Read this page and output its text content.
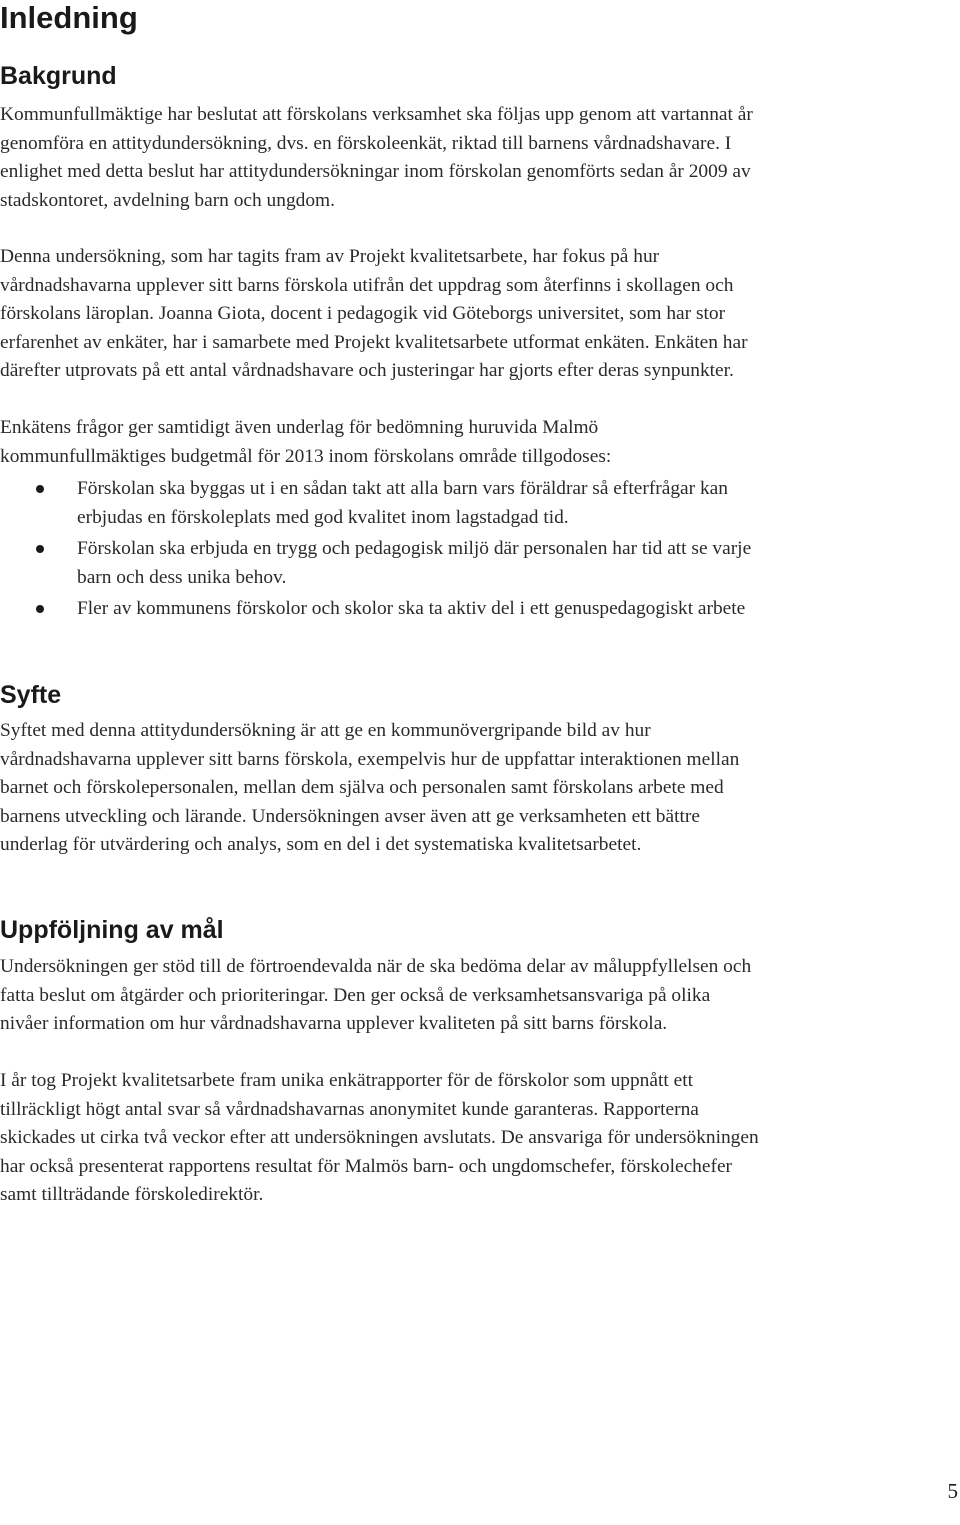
Inledning
Bakgrund

Kommunfullmäktige har beslutat att förskolans verksamhet ska följas upp genom att vartannat år
genomföra en attitydundersökning, dvs. en förskoleenkät, riktad till barnens vårdnadshavare. I
enlighet med detta beslut har attitydundersökningar inom förskolan genomförts sedan år 2009 av
stadskontoret, avdelning barn och ungdom.

Denna undersökning, som har tagits fram av Projekt kvalitetsarbete, har fokus på hur
vårdnadshavarna upplever sitt barns förskola utifrån det uppdrag som återfinns i skollagen och
förskolans läroplan. Joanna Giota, docent i pedagogik vid Göteborgs universitet, som har stor
erfarenhet av enkäter, har i samarbete med Projekt kvalitetsarbete utformat enkäten. Enkäten har
därefter utprovats på ett antal vårdnadshavare och justeringar har gjorts efter deras synpunkter.

Enkätens frågor ger samtidigt även underlag för bedömning huruvida Malmö
kommunfullmäktiges budgetmål för 2013 inom förskolans område tillgodoses:

Förskolan ska byggas ut i en sådan takt att alla barn vars föräldrar så efterfrågar kan
erbjudas en förskoleplats med god kvalitet inom lagstadgad tid.
Förskolan ska erbjuda en trygg och pedagogisk miljö där personalen har tid att se varje
barn och dess unika behov.
Fler av kommunens förskolor och skolor ska ta aktiv del i ett genuspedagogiskt arbete
Syfte

Syftet med denna attitydundersökning är att ge en kommunövergripande bild av hur
vårdnadshavarna upplever sitt barns förskola, exempelvis hur de uppfattar interaktionen mellan
barnet och förskolepersonalen, mellan dem själva och personalen samt förskolans arbete med
barnens utveckling och lärande. Undersökningen avser även att ge verksamheten ett bättre
underlag för utvärdering och analys, som en del i det systematiska kvalitetsarbetet.

Uppföljning av mål

Undersökningen ger stöd till de förtroendevalda när de ska bedöma delar av måluppfyllelsen och
fatta beslut om åtgärder och prioriteringar. Den ger också de verksamhetsansvariga på olika
nivåer information om hur vårdnadshavarna upplever kvaliteten på sitt barns förskola.

I år tog Projekt kvalitetsarbete fram unika enkätrapporter för de förskolor som uppnått ett
tillräckligt högt antal svar så vårdnadshavarnas anonymitet kunde garanteras. Rapporterna
skickades ut cirka två veckor efter att undersökningen avslutats. De ansvariga för undersökningen
har också presenterat rapportens resultat för Malmös barn- och ungdomschefer, förskolechefer
samt tillträdande förskoledirektör.

5
